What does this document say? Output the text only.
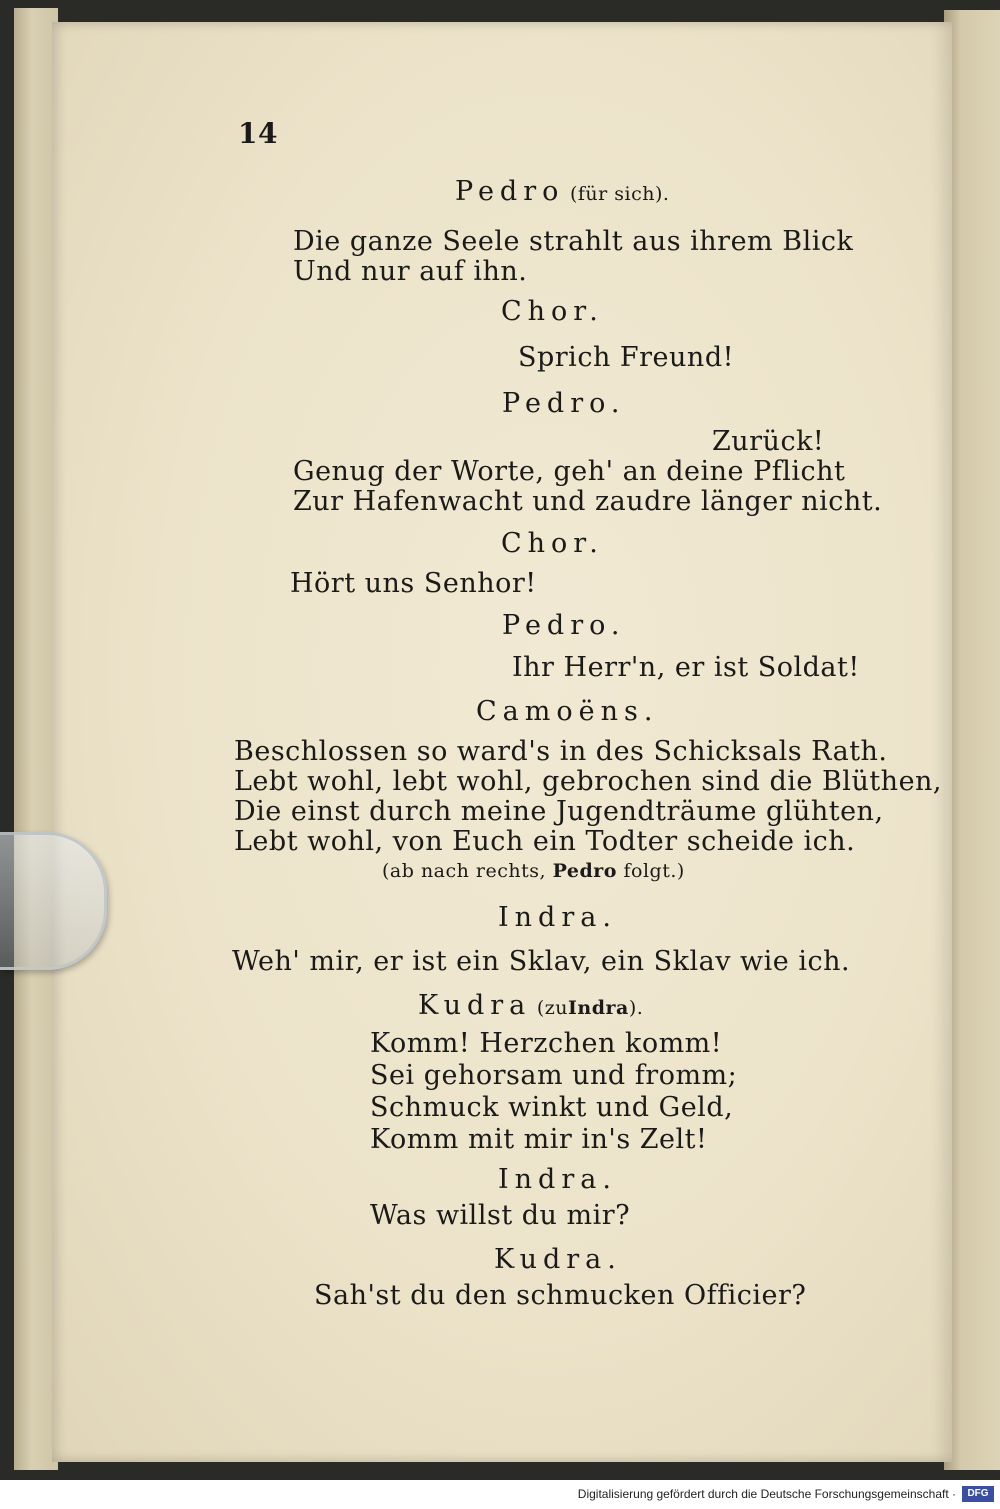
14
Pedro (für sich).
Die ganze Seele strahlt aus ihrem Blick
Und nur auf ihn.
Chor.
Sprich Freund!
Pedro.
Zurück!
Genug der Worte, geh' an deine Pflicht
Zur Hafenwacht und zaudre länger nicht.
Chor.
Hört uns Senhor!
Pedro.
Ihr Herr'n, er ist Soldat!
Camoëns.
Beschlossen so ward's in des Schicksals Rath.
Lebt wohl, lebt wohl, gebrochen sind die Blüthen,
Die einst durch meine Jugendträume glühten,
Lebt wohl, von Euch ein Todter scheide ich.
(ab nach rechts, Pedro folgt.)
Indra.
Weh' mir, er ist ein Sklav, ein Sklav wie ich.
Kudra (zuIndra).
Komm! Herzchen komm!
Sei gehorsam und fromm;
Schmuck winkt und Geld,
Komm mit mir in's Zelt!
Indra.
Was willst du mir?
Kudra.
Sah'st du den schmucken Officier?
Digitalisierung gefördert durch die Deutsche Forschungsgemeinschaft ·	DFG
